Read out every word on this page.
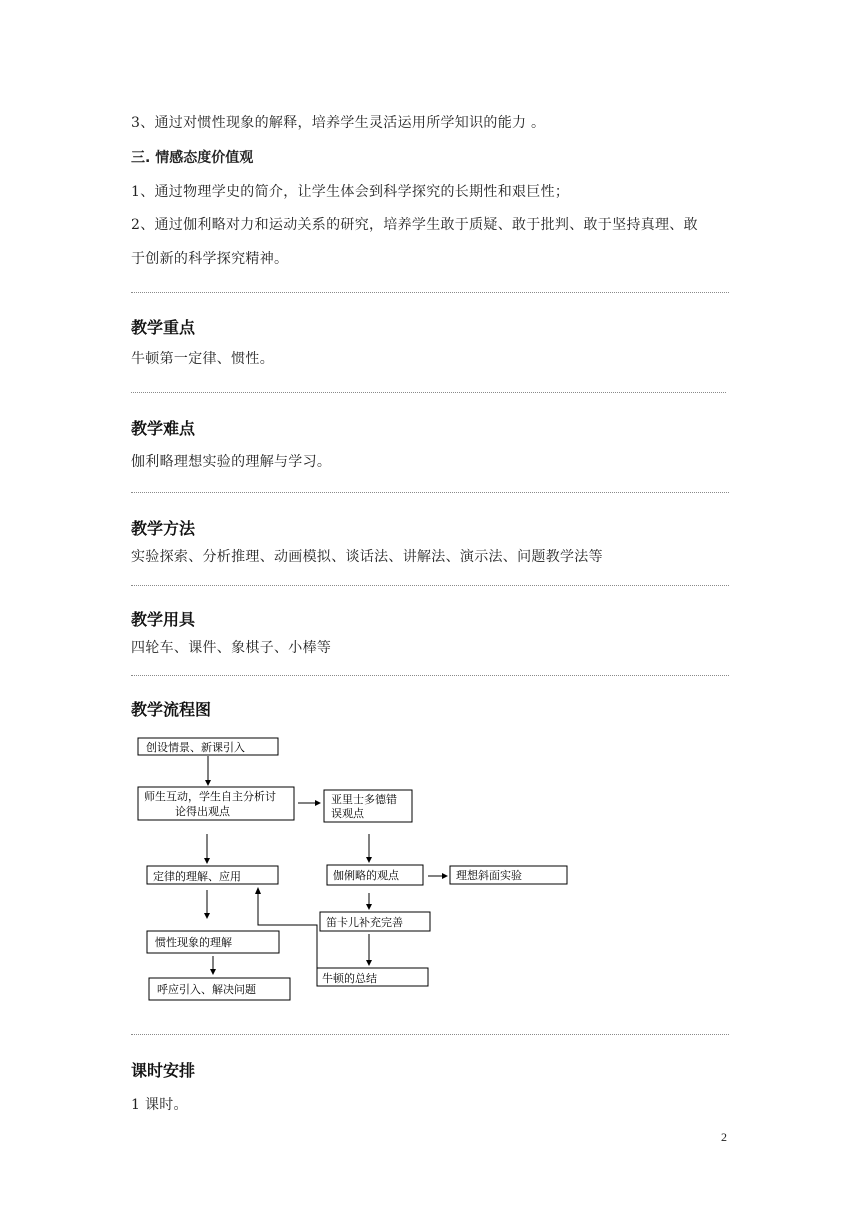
3、通过对惯性现象的解释，培养学生灵活运用所学知识的能力 。
三. 情感态度价值观
1、通过物理学史的简介，让学生体会到科学探究的长期性和艰巨性；
2、通过伽利略对力和运动关系的研究，培养学生敢于质疑、敢于批判、敢于坚持真理、敢
于创新的科学探究精神。
教学重点
牛顿第一定律、惯性。
教学难点
伽利略理想实验的理解与学习。
教学方法
实验探索、分析推理、动画模拟、谈话法、讲解法、演示法、问题教学法等
教学用具
四轮车、课件、象棋子、小棒等
教学流程图
创设情景、新课引入
师生互动，学生自主分析讨
论得出观点
亚里士多德错
误观点
定律的理解、应用	伽俐略的观点	理想斜面实验
笛卡儿补充完善
惯性现象的理解
牛顿的总结
呼应引入、解决问题
课时安排
1 课时。
2
